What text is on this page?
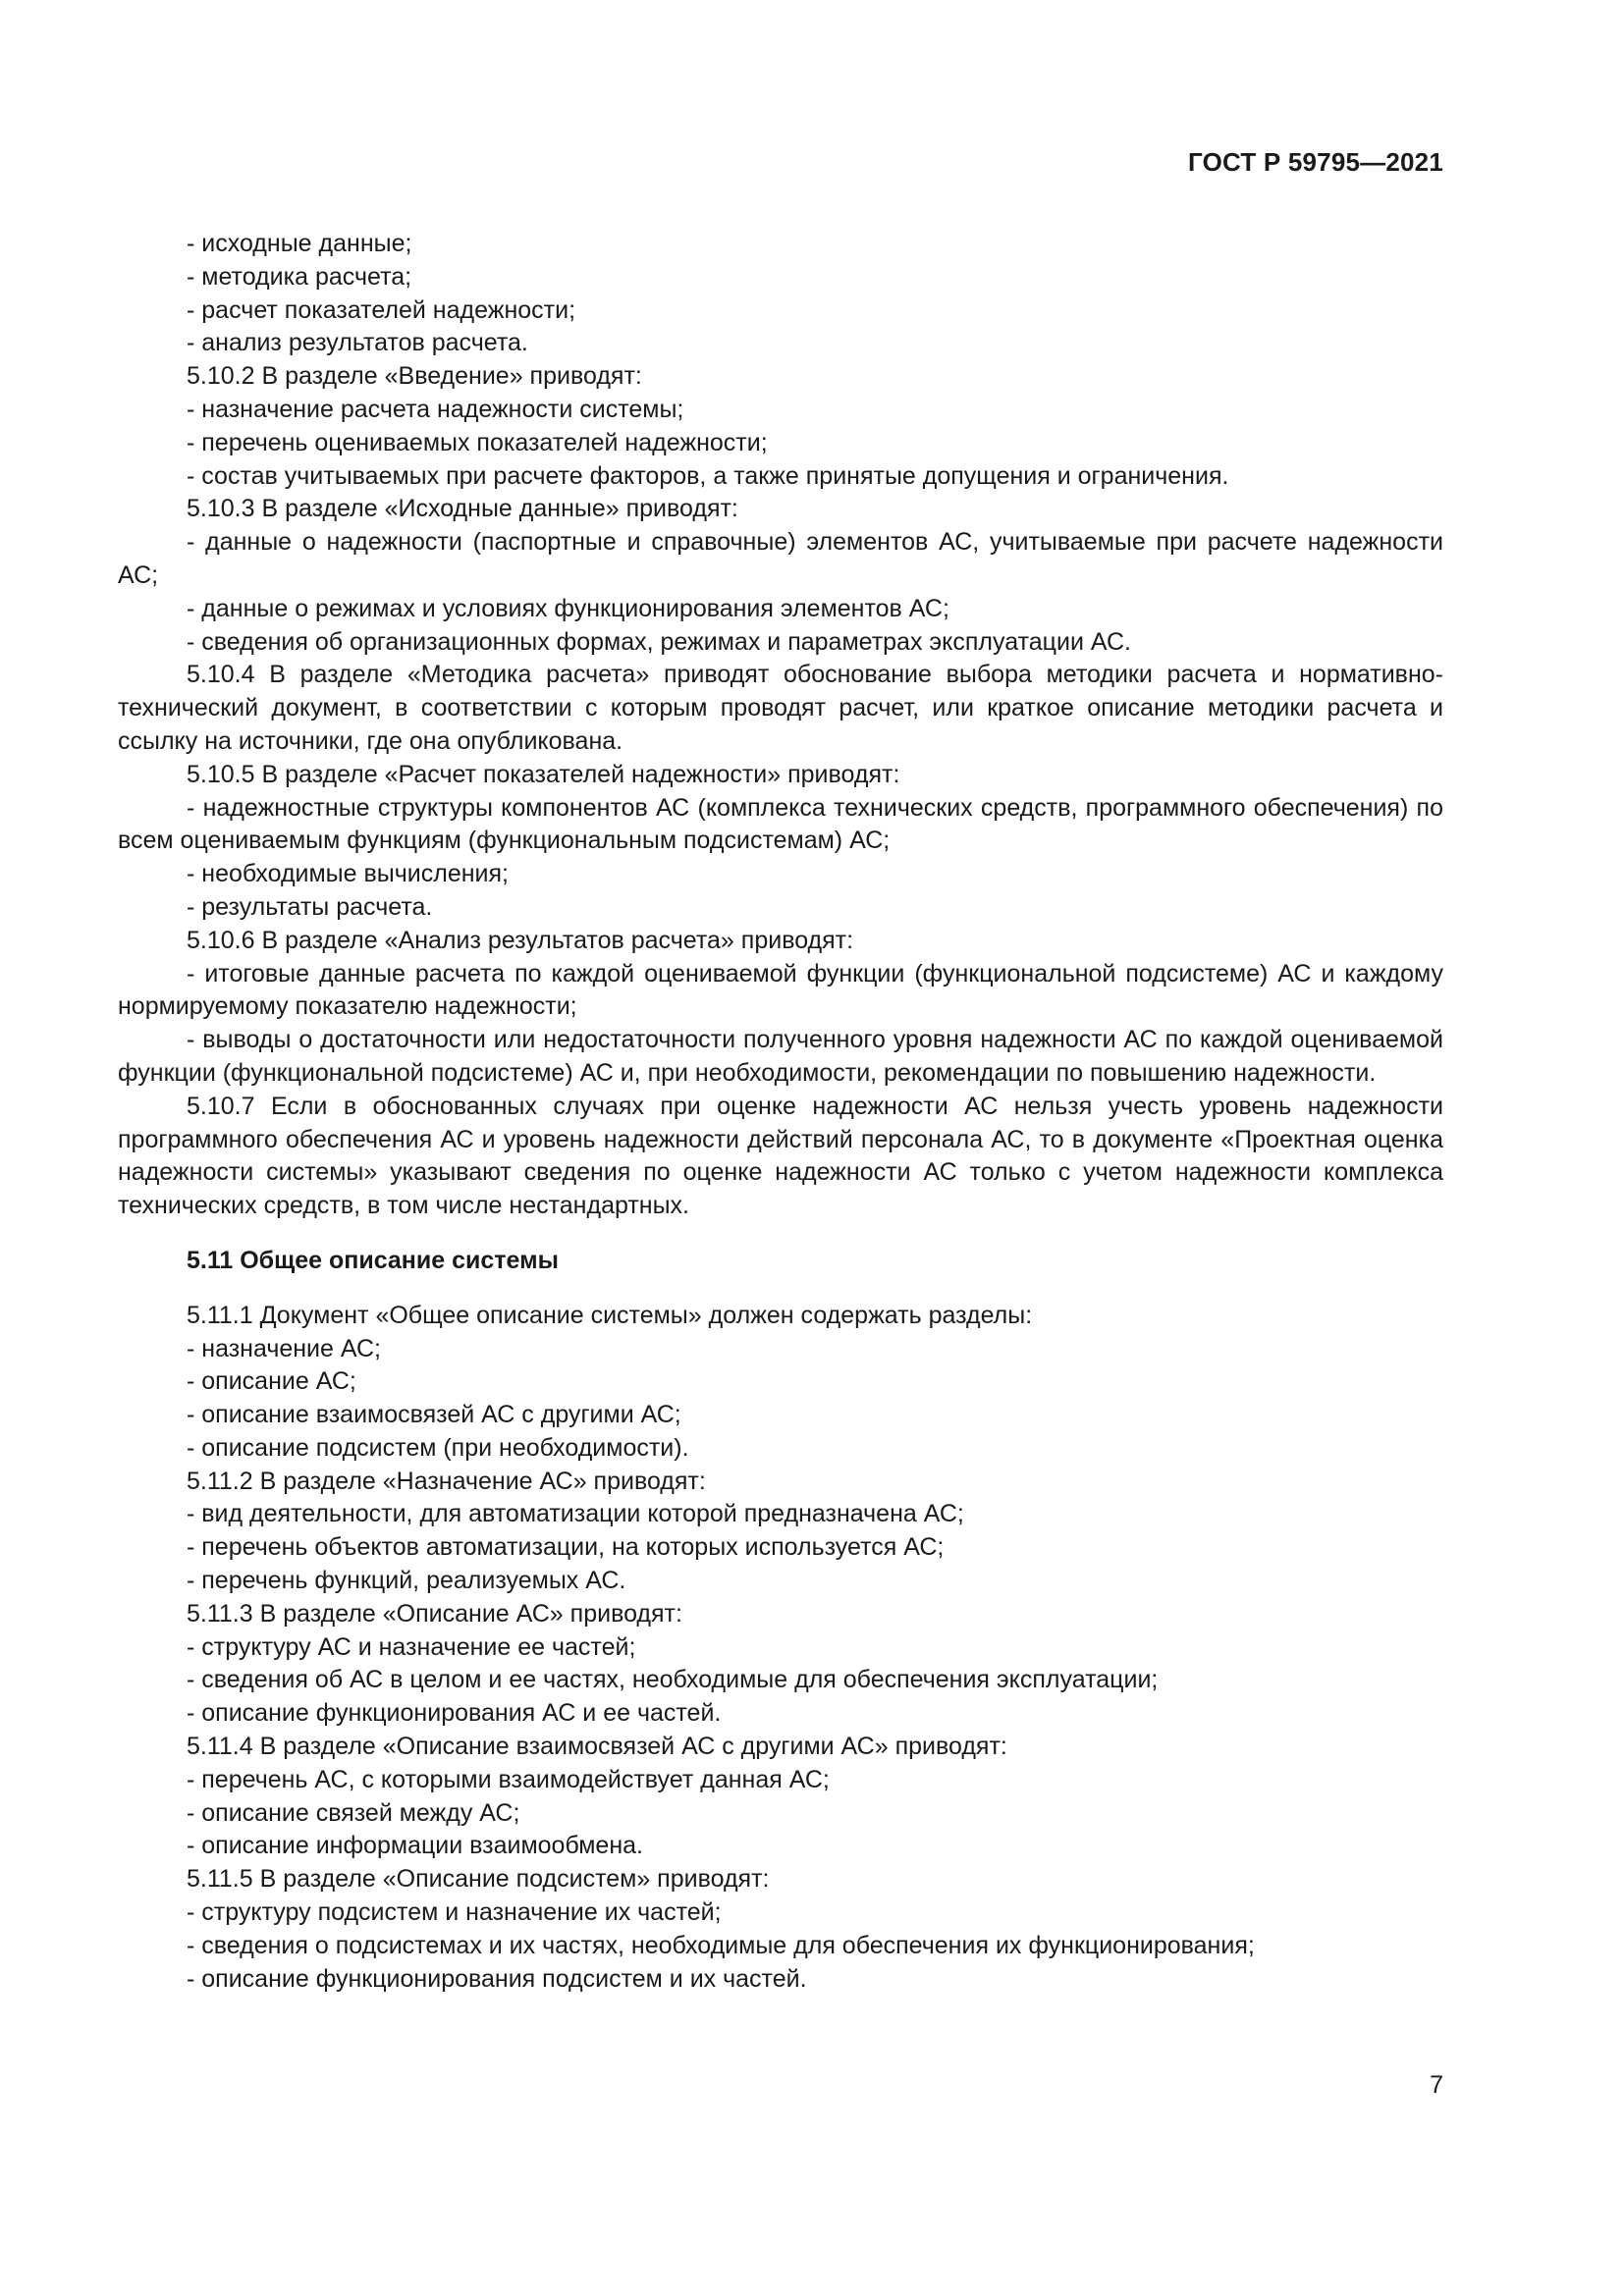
ГОСТ Р 59795—2021

- исходные данные;

- методика расчета;

- расчет показателей надежности;

- анализ результатов расчета.

5.10.2 В разделе «Введение» приводят:

- назначение расчета надежности системы;

- перечень оцениваемых показателей надежности;

- состав учитываемых при расчете факторов, а также принятые допущения и ограничения.

5.10.3 В разделе «Исходные данные» приводят:

- данные о надежности (паспортные и справочные) элементов АС, учитываемые при расчете надежности АС;

- данные о режимах и условиях функционирования элементов АС;

- сведения об организационных формах, режимах и параметрах эксплуатации АС.

5.10.4 В разделе «Методика расчета» приводят обоснование выбора методики расчета и нормативно-технический документ, в соответствии с которым проводят расчет, или краткое описание методики расчета и ссылку на источники, где она опубликована.

5.10.5 В разделе «Расчет показателей надежности» приводят:

- надежностные структуры компонентов АС (комплекса технических средств, программного обеспечения) по всем оцениваемым функциям (функциональным подсистемам) АС;

- необходимые вычисления;

- результаты расчета.

5.10.6 В разделе «Анализ результатов расчета» приводят:

- итоговые данные расчета по каждой оцениваемой функции (функциональной подсистеме) АС и каждому нормируемому показателю надежности;

- выводы о достаточности или недостаточности полученного уровня надежности АС по каждой оцениваемой функции (функциональной подсистеме) АС и, при необходимости, рекомендации по повышению надежности.

5.10.7 Если в обоснованных случаях при оценке надежности АС нельзя учесть уровень надежности программного обеспечения АС и уровень надежности действий персонала АС, то в документе «Проектная оценка надежности системы» указывают сведения по оценке надежности АС только с учетом надежности комплекса технических средств, в том числе нестандартных.

5.11 Общее описание системы

5.11.1 Документ «Общее описание системы» должен содержать разделы:

- назначение АС;

- описание АС;

- описание взаимосвязей АС с другими АС;

- описание подсистем (при необходимости).

5.11.2 В разделе «Назначение АС» приводят:

- вид деятельности, для автоматизации которой предназначена АС;

- перечень объектов автоматизации, на которых используется АС;

- перечень функций, реализуемых АС.

5.11.3 В разделе «Описание АС» приводят:

- структуру АС и назначение ее частей;

- сведения об АС в целом и ее частях, необходимые для обеспечения эксплуатации;

- описание функционирования АС и ее частей.

5.11.4 В разделе «Описание взаимосвязей АС с другими АС» приводят:

- перечень АС, с которыми взаимодействует данная АС;

- описание связей между АС;

- описание информации взаимообмена.

5.11.5 В разделе «Описание подсистем» приводят:

- структуру подсистем и назначение их частей;

- сведения о подсистемах и их частях, необходимые для обеспечения их функционирования;

- описание функционирования подсистем и их частей.

7
